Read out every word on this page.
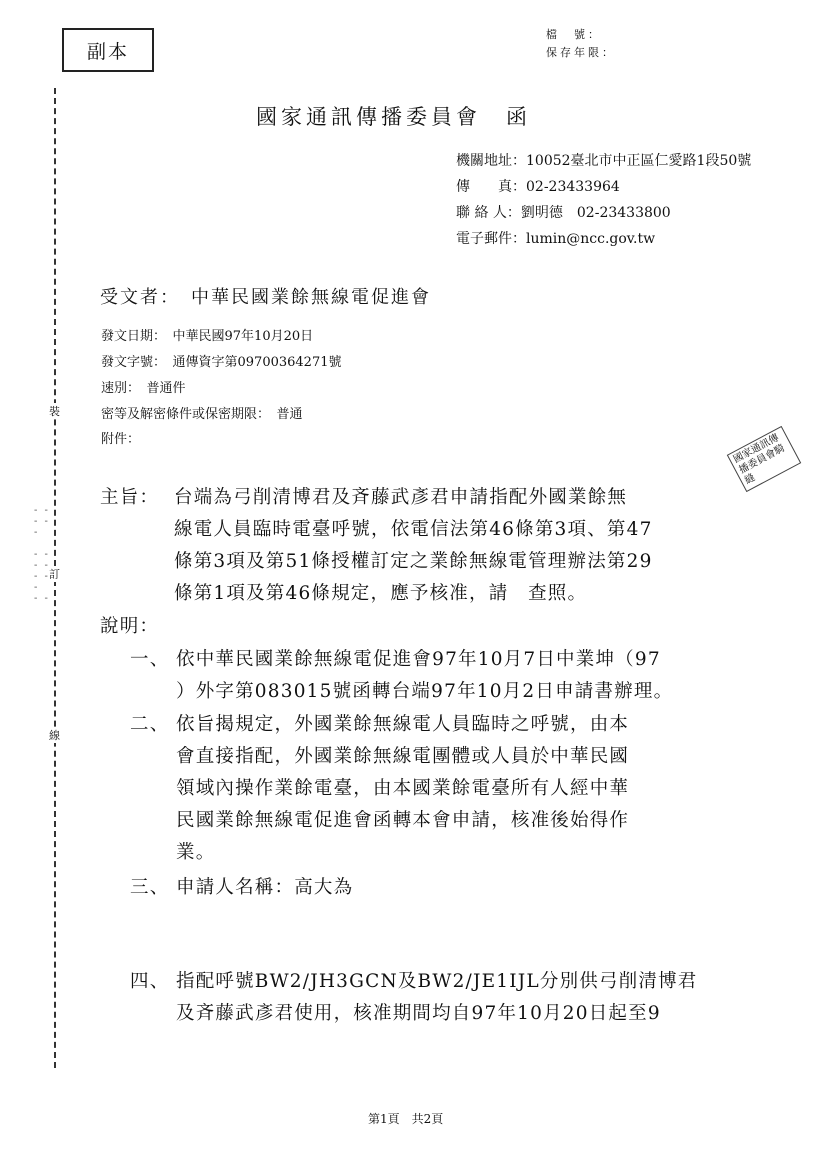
副本
檔　號：
保存年限：
裝
訂
線
‐ ‐
‐ ‐
‐

‐ ‐
‐ ‐
‐ ‐
‐
‐ ‐
國家通訊傳播委員會　函
機關地址：10052臺北市中正區仁愛路1段50號
傳　　真：02-23433964
聯 絡 人：劉明德　02-23433800
電子郵件：lumin@ncc.gov.tw
受文者：　中華民國業餘無線電促進會
發文日期：　中華民國97年10月20日
發文字號：　通傳資字第09700364271號
速別：　普通件
密等及解密條件或保密期限：　普通
附件：	國家通訊傳播委員會騎縫
主旨： 台端為弓削清博君及斉藤武彥君申請指配外國業餘無
線電人員臨時電臺呼號，依電信法第46條第3項、第47
條第3項及第51條授權訂定之業餘無線電管理辦法第29
條第1項及第46條規定，應予核准，請　查照。
說明：
一、 依中華民國業餘無線電促進會97年10月7日中業坤（97
）外字第083015號函轉台端97年10月2日申請書辦理。
二、 依旨揭規定，外國業餘無線電人員臨時之呼號，由本
會直接指配，外國業餘無線電團體或人員於中華民國
領域內操作業餘電臺，由本國業餘電臺所有人經中華
民國業餘無線電促進會函轉本會申請，核准後始得作
業。
三、 申請人名稱：高大為
四、 指配呼號BW2/JH3GCN及BW2/JE1IJL分別供弓削清博君
及斉藤武彥君使用，核准期間均自97年10月20日起至9
第1頁　共2頁
